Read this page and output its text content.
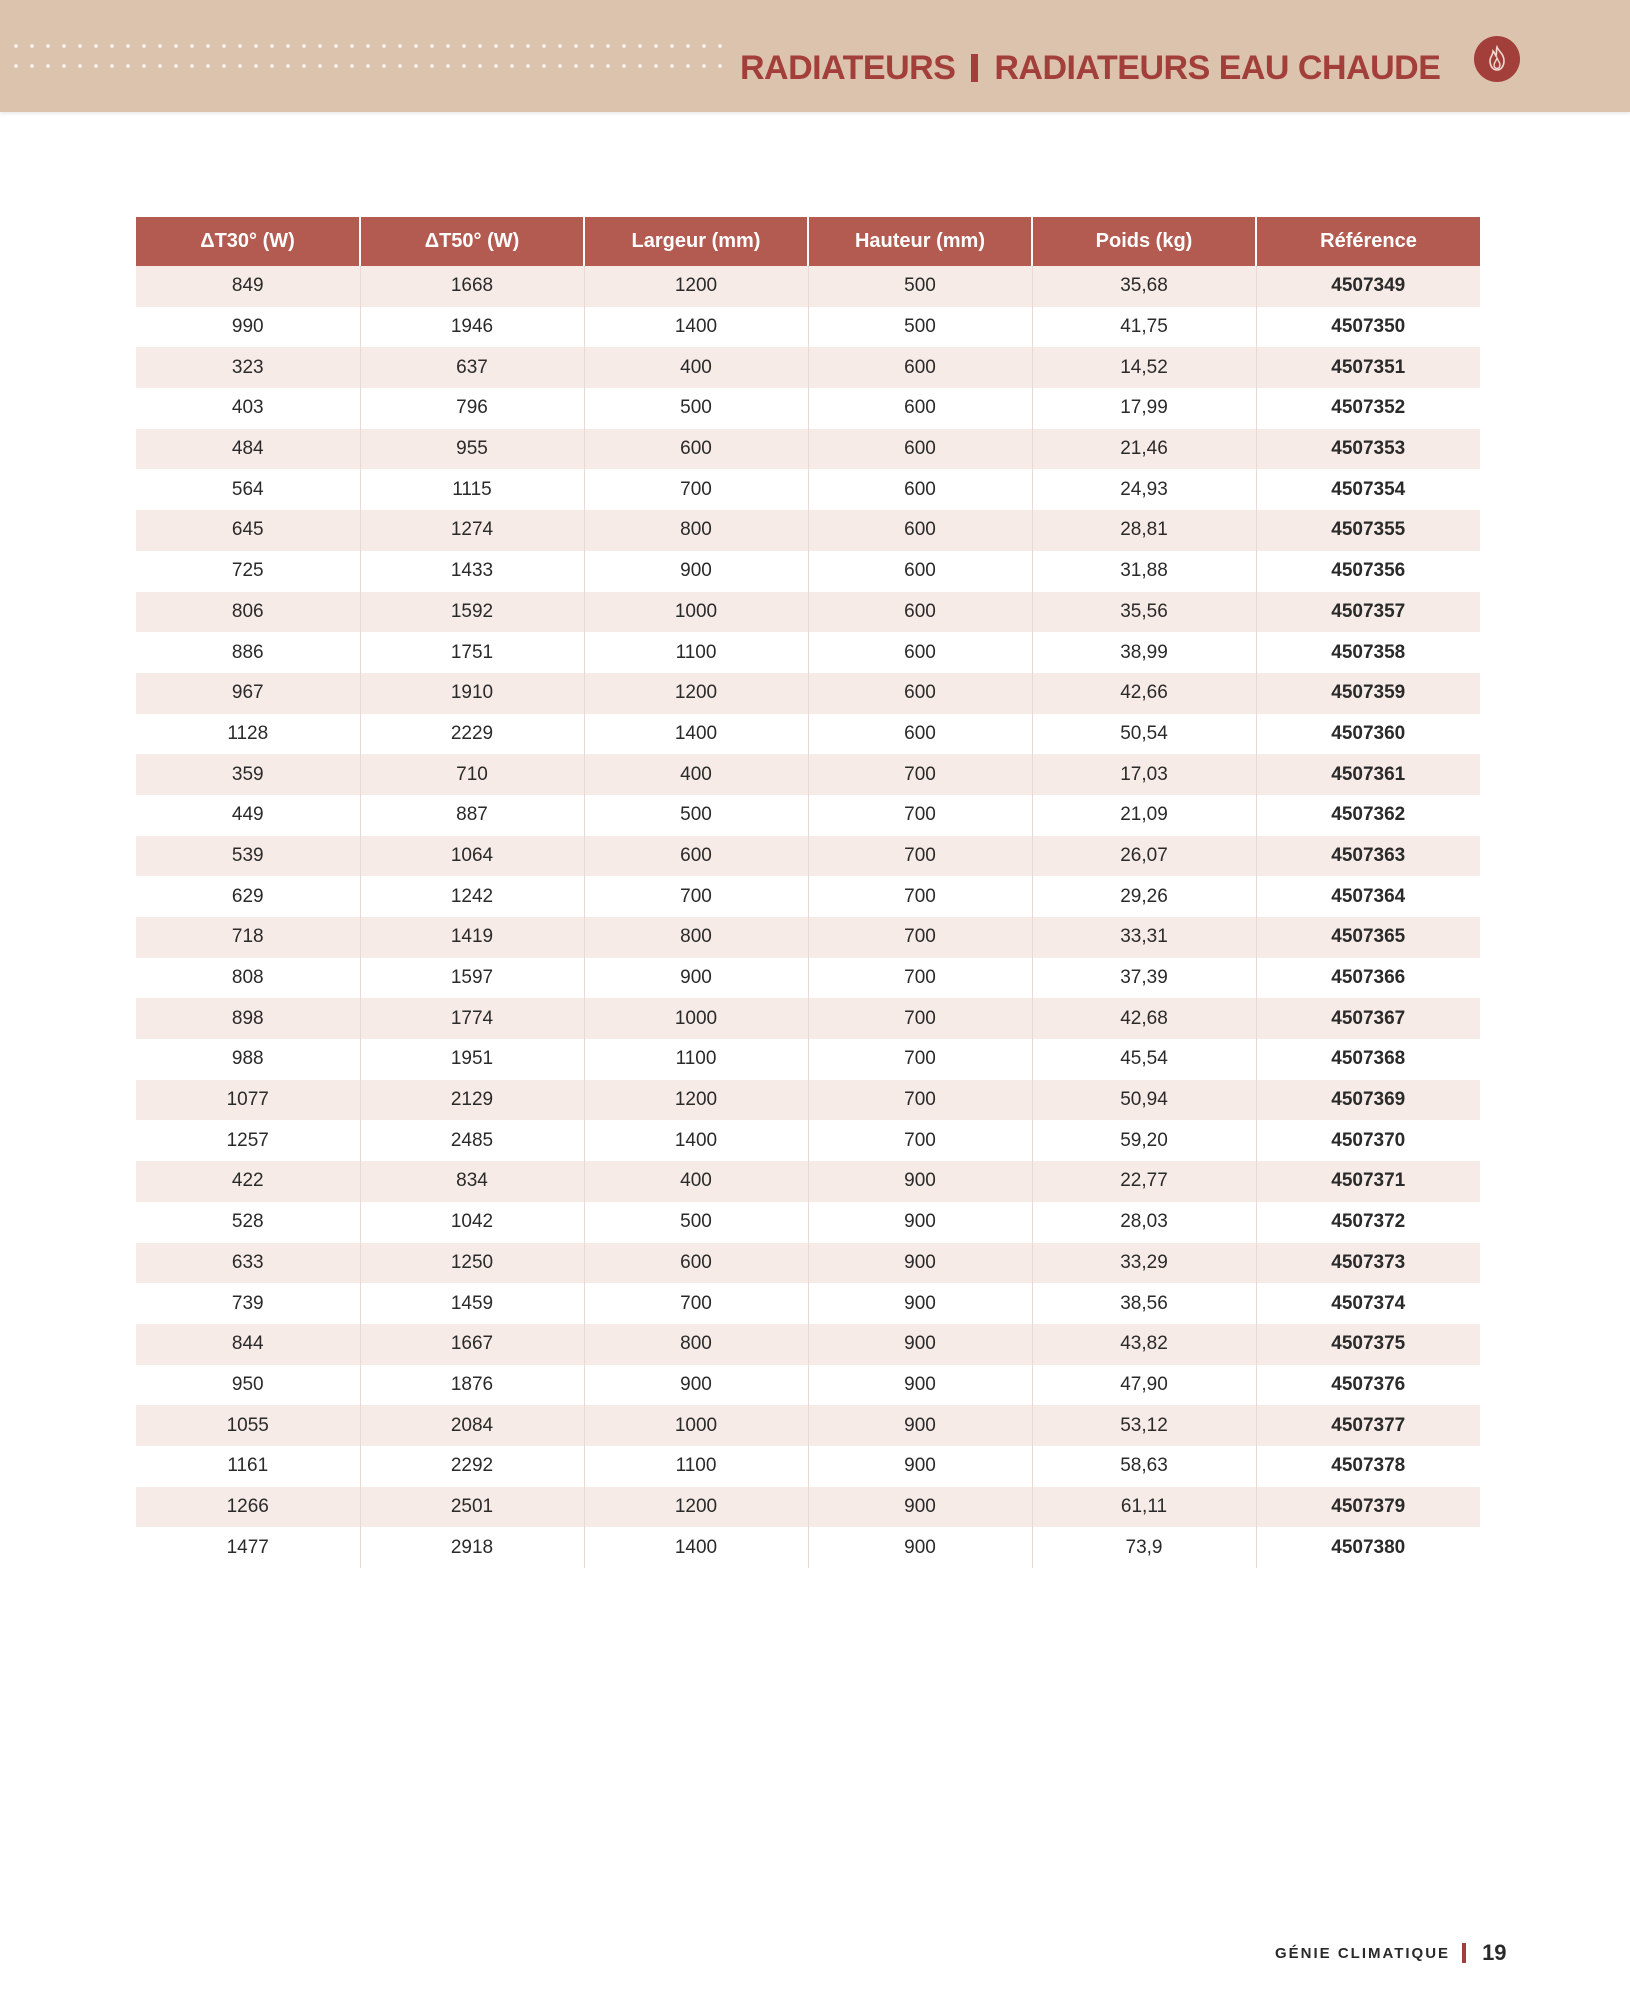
RADIATEURS RADIATEURS EAU CHAUDE
ΔT30° (W)	ΔT50° (W)	Largeur (mm)	Hauteur (mm)	Poids (kg)	Référence
849	1668	1200	500	35,68	4507349
990	1946	1400	500	41,75	4507350
323	637	400	600	14,52	4507351
403	796	500	600	17,99	4507352
484	955	600	600	21,46	4507353
564	1115	700	600	24,93	4507354
645	1274	800	600	28,81	4507355
725	1433	900	600	31,88	4507356
806	1592	1000	600	35,56	4507357
886	1751	1100	600	38,99	4507358
967	1910	1200	600	42,66	4507359
1128	2229	1400	600	50,54	4507360
359	710	400	700	17,03	4507361
449	887	500	700	21,09	4507362
539	1064	600	700	26,07	4507363
629	1242	700	700	29,26	4507364
718	1419	800	700	33,31	4507365
808	1597	900	700	37,39	4507366
898	1774	1000	700	42,68	4507367
988	1951	1100	700	45,54	4507368
1077	2129	1200	700	50,94	4507369
1257	2485	1400	700	59,20	4507370
422	834	400	900	22,77	4507371
528	1042	500	900	28,03	4507372
633	1250	600	900	33,29	4507373
739	1459	700	900	38,56	4507374
844	1667	800	900	43,82	4507375
950	1876	900	900	47,90	4507376
1055	2084	1000	900	53,12	4507377
1161	2292	1100	900	58,63	4507378
1266	2501	1200	900	61,11	4507379
1477	2918	1400	900	73,9	4507380
GÉNIE CLIMATIQUE 19
